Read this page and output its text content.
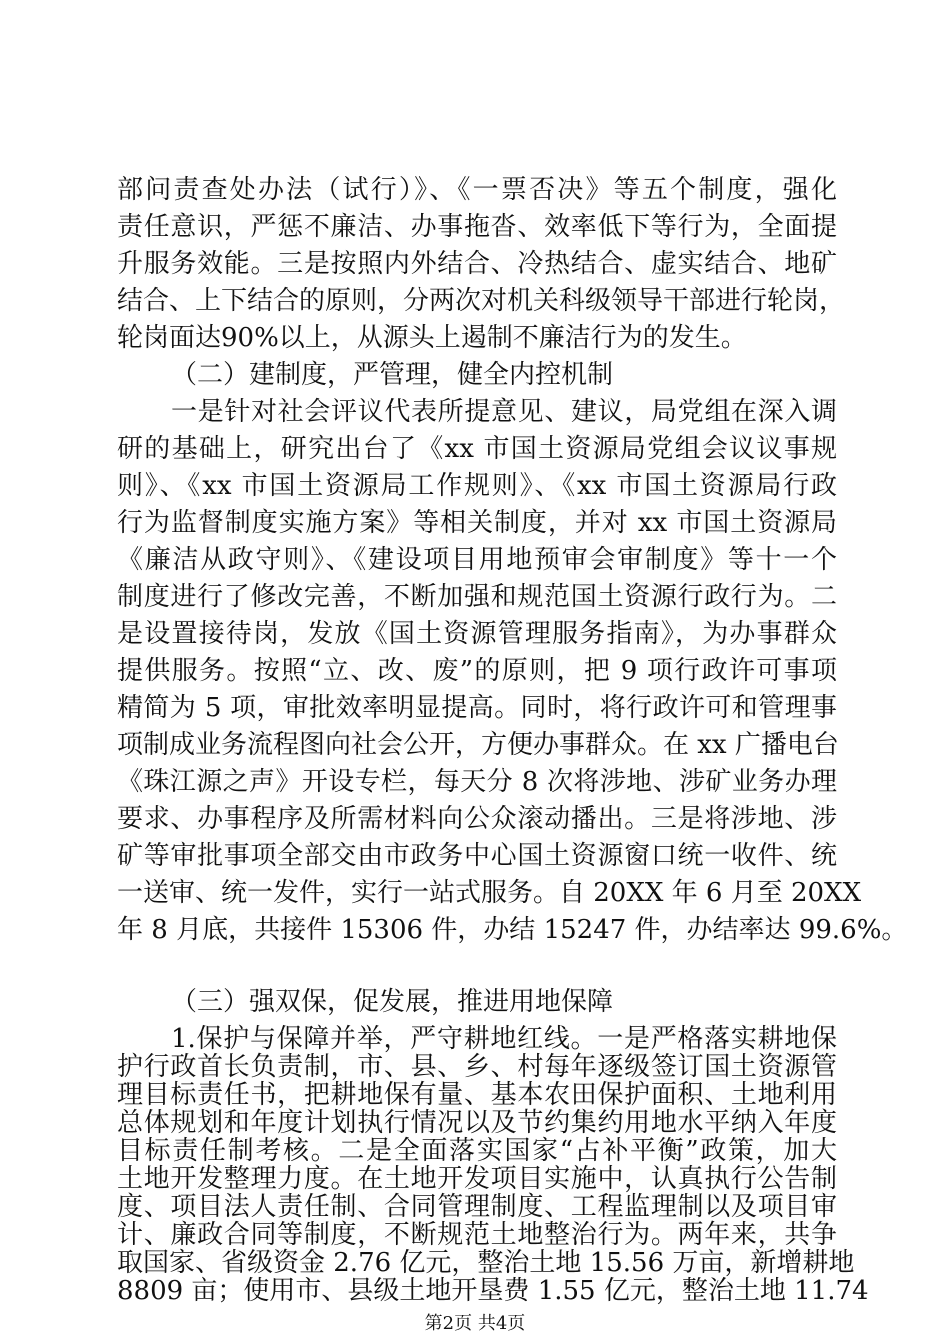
部问责查处办法（试行）》、《一票否决》等五个制度，强化
责任意识，严惩不廉洁、办事拖沓、效率低下等行为，全面提
升服务效能。三是按照内外结合、冷热结合、虚实结合、地矿
结合、上下结合的原则，分两次对机关科级领导干部进行轮岗，
轮岗面达90%以上，从源头上遏制不廉洁行为的发生。
（二）建制度，严管理，健全内控机制
一是针对社会评议代表所提意见、建议，局党组在深入调
研的基础上，研究出台了《xx 市国土资源局党组会议议事规
则》、《xx 市国土资源局工作规则》、《xx 市国土资源局行政
行为监督制度实施方案》等相关制度，并对 xx 市国土资源局
《廉洁从政守则》、《建设项目用地预审会审制度》等十一个
制度进行了修改完善，不断加强和规范国土资源行政行为。二
是设置接待岗，发放《国土资源管理服务指南》，为办事群众
提供服务。按照“立、改、废”的原则，把 9 项行政许可事项
精简为 5 项，审批效率明显提高。同时，将行政许可和管理事
项制成业务流程图向社会公开，方便办事群众。在 xx 广播电台
《珠江源之声》开设专栏，每天分 8 次将涉地、涉矿业务办理
要求、办事程序及所需材料向公众滚动播出。三是将涉地、涉
矿等审批事项全部交由市政务中心国土资源窗口统一收件、统
一送审、统一发件，实行一站式服务。自 20XX 年 6 月至 20XX
年 8 月底，共接件 15306 件，办结 15247 件，办结率达 99.6%。
（三）强双保，促发展，推进用地保障
1.保护与保障并举，严守耕地红线。一是严格落实耕地保
护行政首长负责制，市、县、乡、村每年逐级签订国土资源管
理目标责任书，把耕地保有量、基本农田保护面积、土地利用
总体规划和年度计划执行情况以及节约集约用地水平纳入年度
目标责任制考核。二是全面落实国家“占补平衡”政策，加大
土地开发整理力度。在土地开发项目实施中，认真执行公告制
度、项目法人责任制、合同管理制度、工程监理制以及项目审
计、廉政合同等制度，不断规范土地整治行为。两年来，共争
取国家、省级资金 2.76 亿元，整治土地 15.56 万亩，新增耕地
8809 亩；使用市、县级土地开垦费 1.55 亿元，整治土地 11.74
第2页 共4页
